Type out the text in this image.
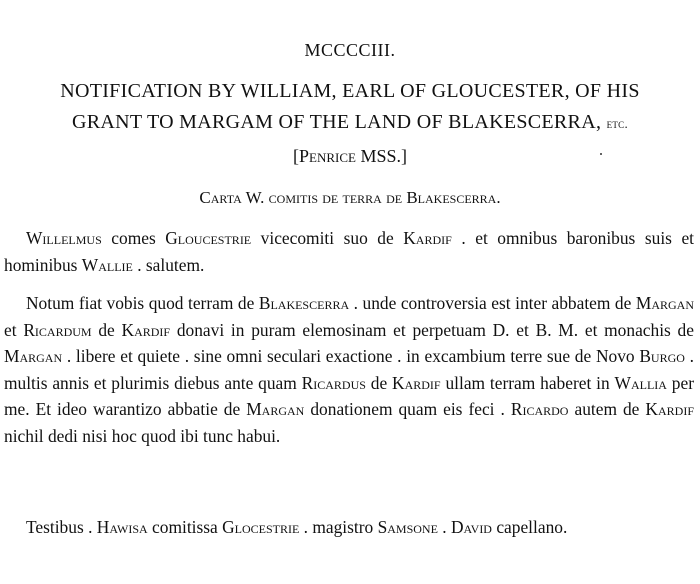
MCCCCIII.
NOTIFICATION BY WILLIAM, EARL OF GLOUCESTER, OF HIS
GRANT TO MARGAM OF THE LAND OF BLAKESCERRA, etc.
[Penrice MSS.]
Carta W. comitis de terra de Blakescerra.

Willelmus comes Gloucestrie vicecomiti suo de Kardif . et omnibus baronibus suis et hominibus Wallie . salutem.

Notum fiat vobis quod terram de Blakescerra . unde controversia est inter abbatem de Margan et Ricardum de Kardif donavi in puram elemosinam et perpetuam D. et B. M. et monachis de Margan . libere et quiete . sine omni seculari exactione . in excambium terre sue de Novo Burgo . multis annis et plurimis diebus ante quam Ricardus de Kardif ullam terram haberet in Wallia per me. Et ideo warantizo abbatie de Margan donationem quam eis feci . Ricardo autem de Kardif nichil dedi nisi hoc quod ibi tunc habui.

Testibus . Hawisa comitissa Glocestrie . magistro Samsone . David capellano.
